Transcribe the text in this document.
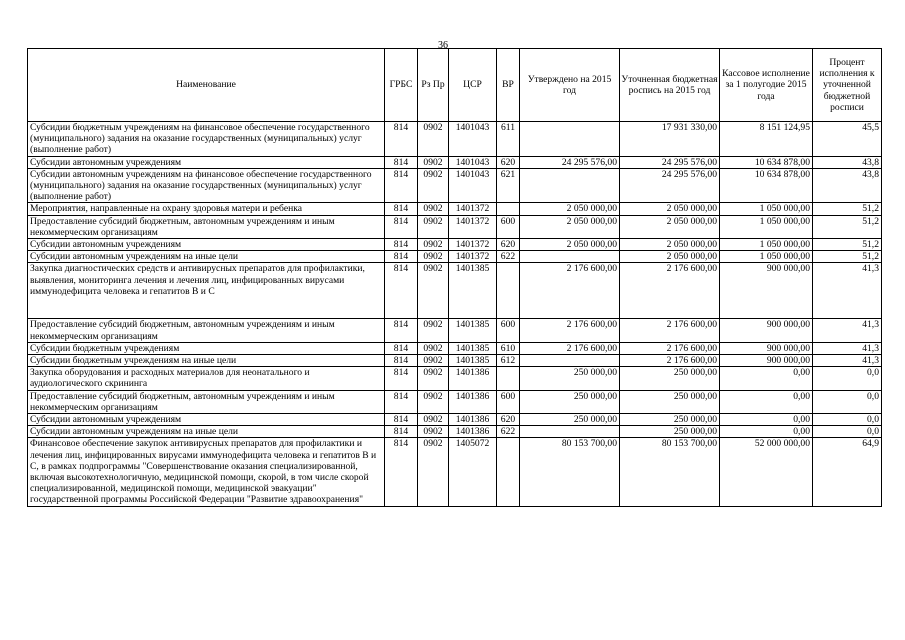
36
Наименование	ГРБС	Рз Пр	ЦСР	ВР	Утверждено на 2015 год	Уточненная бюджетная роспись на 2015 год	Кассовое исполнение за 1 полугодие 2015 года	Процент исполнения к уточненной бюджетной росписи
Субсидии бюджетным учреждениям на финансовое обеспечение государственного (муниципального) задания на оказание государственных (муниципальных) услуг (выполнение работ)	814	0902	1401043	611		17 931 330,00	8 151 124,95	45,5
Субсидии автономным учреждениям	814	0902	1401043	620	24 295 576,00	24 295 576,00	10 634 878,00	43,8
Субсидии автономным учреждениям на финансовое обеспечение государственного (муниципального) задания на оказание государственных (муниципальных) услуг (выполнение работ)	814	0902	1401043	621		24 295 576,00	10 634 878,00	43,8
Мероприятия, направленные на охрану здоровья матери и ребенка	814	0902	1401372		2 050 000,00	2 050 000,00	1 050 000,00	51,2
Предоставление субсидий бюджетным, автономным учреждениям и иным некоммерческим организациям	814	0902	1401372	600	2 050 000,00	2 050 000,00	1 050 000,00	51,2
Субсидии автономным учреждениям	814	0902	1401372	620	2 050 000,00	2 050 000,00	1 050 000,00	51,2
Субсидии автономным учреждениям на иные цели	814	0902	1401372	622		2 050 000,00	1 050 000,00	51,2
Закупка диагностических средств и антивирусных препаратов для профилактики, выявления, мониторинга лечения и лечения лиц, инфицированных вирусами иммунодефицита человека и гепатитов В и С	814	0902	1401385		2 176 600,00	2 176 600,00	900 000,00	41,3
Предоставление субсидий бюджетным, автономным учреждениям и иным некоммерческим организациям	814	0902	1401385	600	2 176 600,00	2 176 600,00	900 000,00	41,3
Субсидии бюджетным учреждениям	814	0902	1401385	610	2 176 600,00	2 176 600,00	900 000,00	41,3
Субсидии бюджетным учреждениям на иные цели	814	0902	1401385	612		2 176 600,00	900 000,00	41,3
Закупка оборудования и расходных материалов для неонатального и аудиологического скрининга	814	0902	1401386		250 000,00	250 000,00	0,00	0,0
Предоставление субсидий бюджетным, автономным учреждениям и иным некоммерческим организациям	814	0902	1401386	600	250 000,00	250 000,00	0,00	0,0
Субсидии автономным учреждениям	814	0902	1401386	620	250 000,00	250 000,00	0,00	0,0
Субсидии автономным учреждениям на иные цели	814	0902	1401386	622		250 000,00	0,00	0,0
Финансовое обеспечение закупок антивирусных препаратов для профилактики и лечения лиц, инфицированных вирусами иммунодефицита человека и гепатитов В и С, в рамках подпрограммы "Совершенствование оказания специализированной, включая высокотехнологичную, медицинской помощи, скорой, в том числе скорой специализированной, медицинской помощи, медицинской эвакуации" государственной программы Российской Федерации "Развитие здравоохранения"	814	0902	1405072		80 153 700,00	80 153 700,00	52 000 000,00	64,9
